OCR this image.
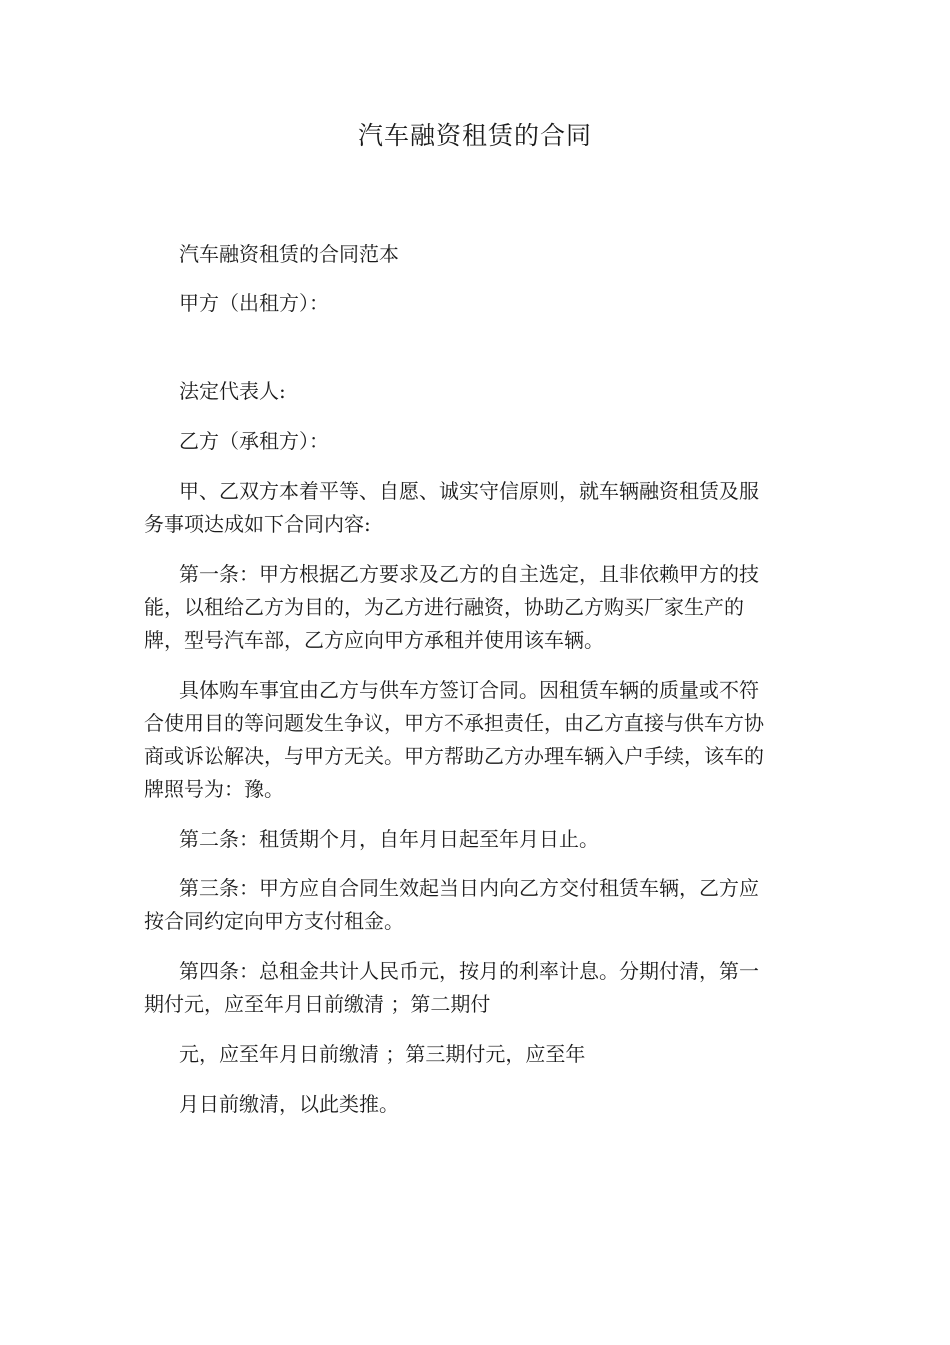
汽车融资租赁的合同

汽车融资租赁的合同范本

甲方（出租方）：

法定代表人:

乙方（承租方）：

甲、乙双方本着平等、自愿、诚实守信原则，就车辆融资租赁及服务事项达成如下合同内容:

第一条：甲方根据乙方要求及乙方的自主选定，且非依赖甲方的技能，以租给乙方为目的，为乙方进行融资，协助乙方购买厂家生产的牌，型号汽车部，乙方应向甲方承租并使用该车辆。

具体购车事宜由乙方与供车方签订合同。因租赁车辆的质量或不符合使用目的等问题发生争议，甲方不承担责任，由乙方直接与供车方协商或诉讼解决，与甲方无关。甲方帮助乙方办理车辆入户手续，该车的牌照号为：豫。

第二条：租赁期个月，自年月日起至年月日止。

第三条：甲方应自合同生效起当日内向乙方交付租赁车辆，乙方应按合同约定向甲方支付租金。

第四条：总租金共计人民币元，按月的利率计息。分期付清，第一期付元，应至年月日前缴清 ；第二期付

元，应至年月日前缴清 ；第三期付元，应至年

月日前缴清，以此类推。
